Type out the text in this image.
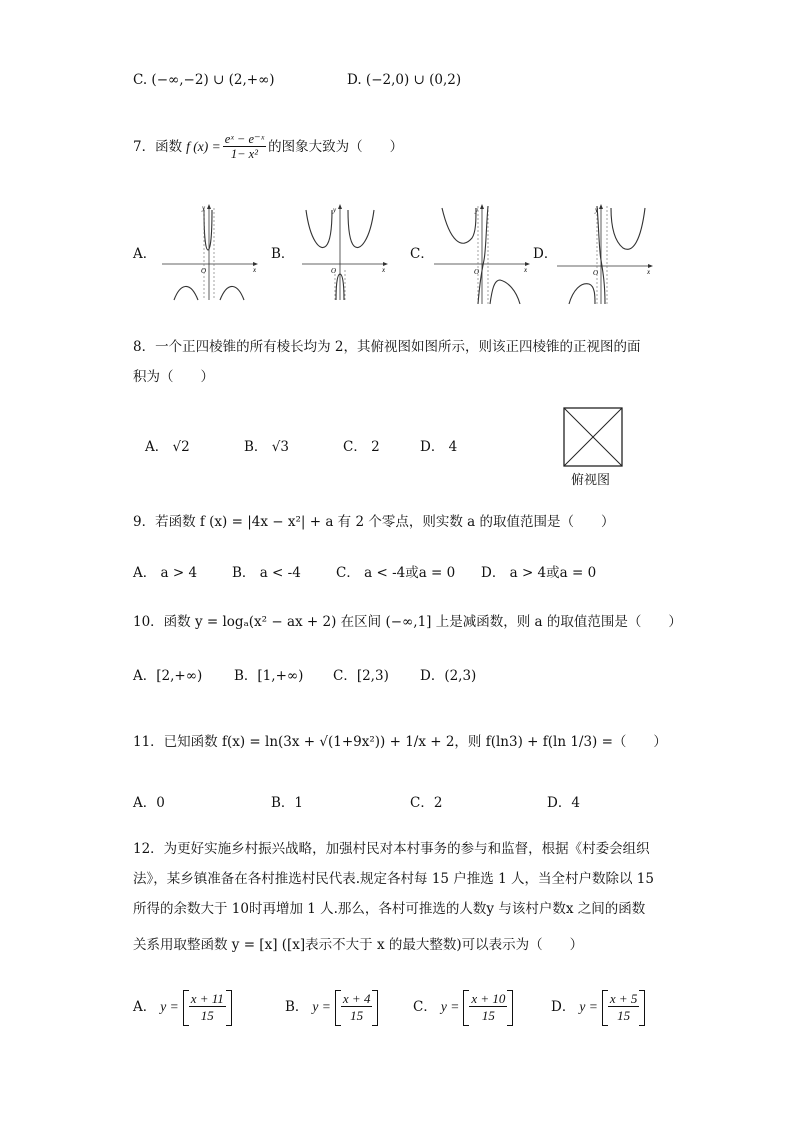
C. (−∞,−2) ∪ (2,+∞)	D. (−2,0) ∪ (0,2)
7．函数 f $(x) = \frac{\text{eˣ − e⁻ˣ}}{\text{1− x²}}$ 的图象大致为（　　）
A．	B．	C．	D．
y
x
O
y
x
O
y
x
O
y
x
O
8．一个正四棱锥的所有棱长均为 2，其俯视图如图所示，则该正四棱锥的正视图的面
积为（　　）
A． √2	B． √3	C． 2	D． 4
俯视图
9．若函数 f (x) = |4x − x²| + a 有 2 个零点，则实数 a 的取值范围是（　　）
A． a > 4	B． a < -4	C． a < -4或a = 0 D． a > 4或a = 0
10．函数 y = logₐ(x² − ax + 2) 在区间 (−∞,1] 上是减函数，则 a 的取值范围是（　　）
A．[2,+∞) B．[1,+∞) C．[2,3) D．(2,3)
11．已知函数 f(x) = ln(3x + √(1+9x²)) + 1/x + 2，则 f(ln3) + f(ln 1/3) =（　　）
A．0	B．1	C．2	D．4
12．为更好实施乡村振兴战略，加强村民对本村事务的参与和监督，根据《村委会组织
法》，某乡镇准备在各村推选村民代表.规定各村每 15 户推选 1 人，当全村户数除以 15
所得的余数大于 10时再增加 1 人.那么，各村可推选的人数y 与该村户数x 之间的函数
关系用取整函数 y = [x] ([x]表示不大于 x 的最大整数)可以表示为（　　）
A． $y = \frac{x + 11}{15}$	B． $y = \frac{x + 4}{15}$	C． $y = \frac{x + 10}{15}$	D． $y = \frac{x + 5}{15}$
